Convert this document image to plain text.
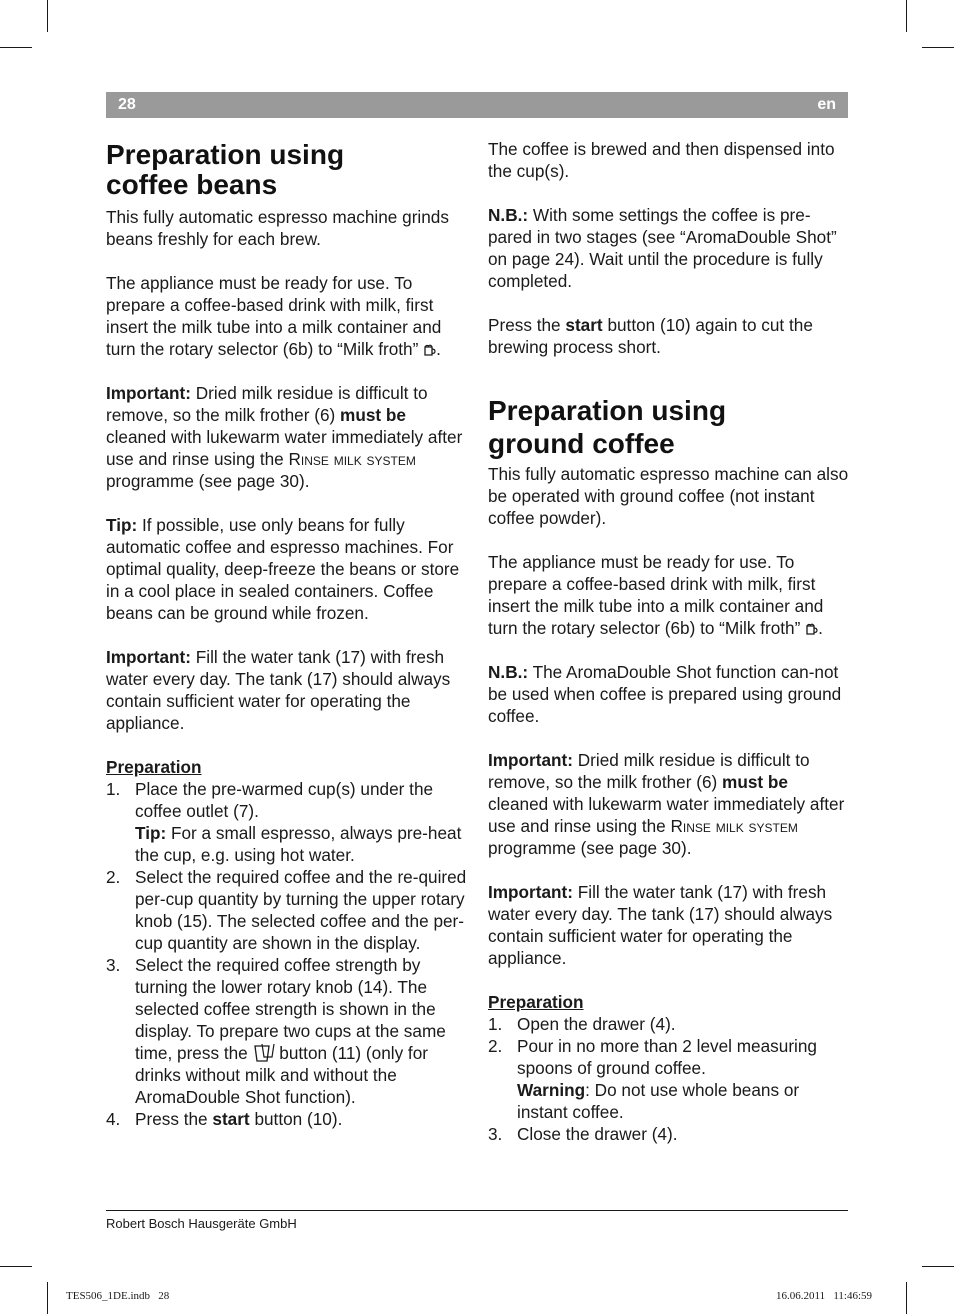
28	en
Preparation using coffee beans

This fully automatic espresso machine grinds beans freshly for each brew.

The appliance must be ready for use. To prepare a coffee-based drink with milk, first insert the milk tube into a milk container and turn the rotary selector (6b) to “Milk froth” .

Important: Dried milk residue is difficult to remove, so the milk frother (6) must be cleaned with lukewarm water immediately after use and rinse using the Rinse milk system programme (see page 30).

Tip: If possible, use only beans for fully automatic coffee and espresso machines. For optimal quality, deep-freeze the beans or store in a cool place in sealed containers. Coffee beans can be ground while frozen.

Important: Fill the water tank (17) with fresh water every day. The tank (17) should always contain sufficient water for operating the appliance.

Preparation
1. Place the pre-warmed cup(s) under the coffee outlet (7).
Tip: For a small espresso, always pre-heat the cup, e.g. using hot water.
2. Select the required coffee and the re-quired per-cup quantity by turning the upper rotary knob (15). The selected coffee and the per-cup quantity are shown in the display.
3. Select the required coffee strength by turning the lower rotary knob (14). The selected coffee strength is shown in the display. To prepare two cups at the same time, press the button (11) (only for drinks without milk and without the AromaDouble Shot function).
4. Press the start button (10).

The coffee is brewed and then dispensed into the cup(s).

N.B.: With some settings the coffee is pre-pared in two stages (see “AromaDouble Shot” on page 24). Wait until the procedure is fully completed.

Press the start button (10) again to cut the brewing process short.

Preparation using ground coffee

This fully automatic espresso machine can also be operated with ground coffee (not instant coffee powder).

The appliance must be ready for use. To prepare a coffee-based drink with milk, first insert the milk tube into a milk container and turn the rotary selector (6b) to “Milk froth” .

N.B.: The AromaDouble Shot function can-not be used when coffee is prepared using ground coffee.

Important: Dried milk residue is difficult to remove, so the milk frother (6) must be cleaned with lukewarm water immediately after use and rinse using the Rinse milk system programme (see page 30).

Important: Fill the water tank (17) with fresh water every day. The tank (17) should always contain sufficient water for operating the appliance.

Preparation
1. Open the drawer (4).
2. Pour in no more than 2 level measuring spoons of ground coffee.
Warning: Do not use whole beans or instant coffee.
3. Close the drawer (4).
Robert Bosch Hausgeräte GmbH
TES506_1DE.indb   28	16.06.2011   11:46:59
